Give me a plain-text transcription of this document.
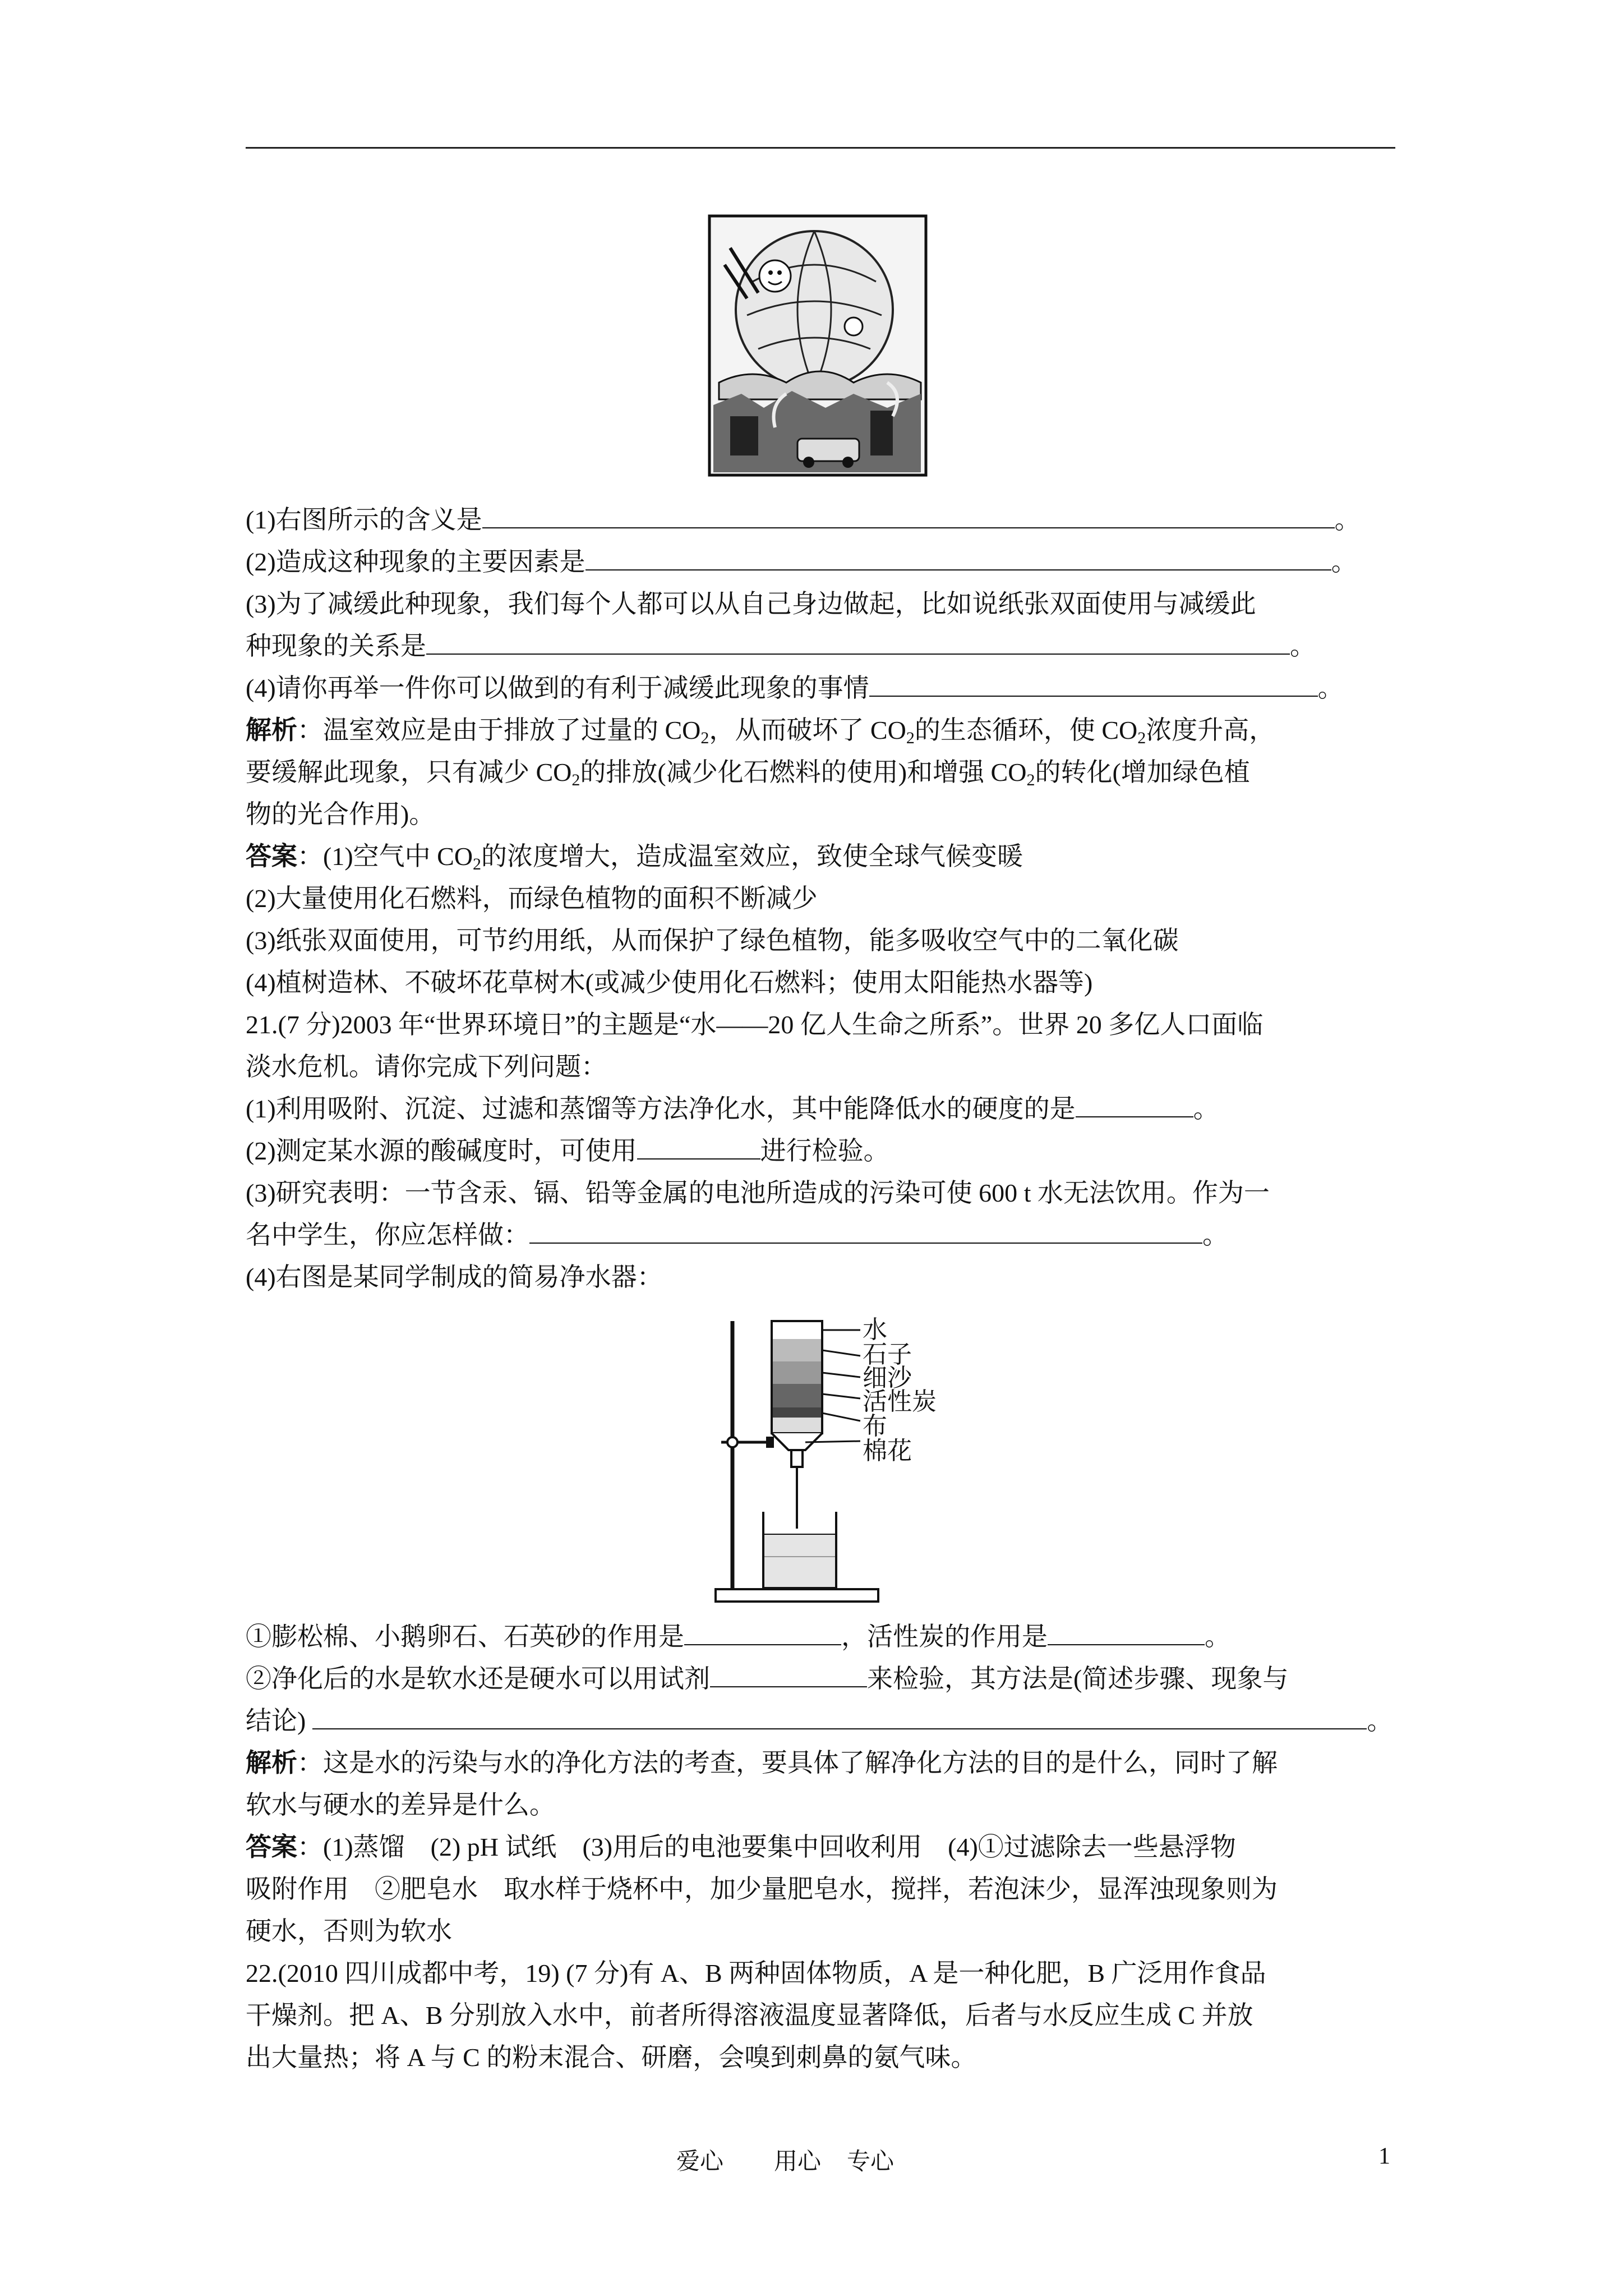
(1)右图所示的含义是	。
(2)造成这种现象的主要因素是	。
(3)为了减缓此种现象，我们每个人都可以从自己身边做起，比如说纸张双面使用与减缓此
种现象的关系是	。
(4)请你再举一件你可以做到的有利于减缓此现象的事情	。
解析：温室效应是由于排放了过量的 $CO_2$，从而破坏了 $CO_2$的生态循环，使 $CO_2$浓度升高，
要缓解此现象，只有减少 $CO_2$的排放(减少化石燃料的使用)和增强 $CO_2$的转化(增加绿色植
物的光合作用)。
答案：(1)空气中 $CO_2$的浓度增大，造成温室效应，致使全球气候变暖
(2)大量使用化石燃料，而绿色植物的面积不断减少
(3)纸张双面使用，可节约用纸，从而保护了绿色植物，能多吸收空气中的二氧化碳
(4)植树造林、不破坏花草树木(或减少使用化石燃料；使用太阳能热水器等)
21.(7 分)2003 年“世界环境日”的主题是“水——20 亿人生命之所系”。世界 20 多亿人口面临
淡水危机。请你完成下列问题：
(1)利用吸附、沉淀、过滤和蒸馏等方法净化水，其中能降低水的硬度的是	。
(2)测定某水源的酸碱度时，可使用	进行检验。
(3)研究表明：一节含汞、镉、铅等金属的电池所造成的污染可使 600 t 水无法饮用。作为一
名中学生，你应怎样做：	。
(4)右图是某同学制成的简易净水器：
水
石子
细沙
活性炭
布
棉花
①膨松棉、小鹅卵石、石英砂的作用是	，活性炭的作用是	。
②净化后的水是软水还是硬水可以用试剂	来检验，其方法是(简述步骤、现象与
结论)	。
解析：这是水的污染与水的净化方法的考查，要具体了解净化方法的目的是什么，同时了解
软水与硬水的差异是什么。
答案：(1)蒸馏　(2) pH 试纸　(3)用后的电池要集中回收利用　(4)①过滤除去一些悬浮物
吸附作用　②肥皂水　取水样于烧杯中，加少量肥皂水，搅拌，若泡沫少，显浑浊现象则为
硬水，否则为软水
22.(2010 四川成都中考，19) (7 分)有 A、B 两种固体物质，A 是一种化肥，B 广泛用作食品
干燥剂。把 A、B 分别放入水中，前者所得溶液温度显著降低，后者与水反应生成 C 并放
出大量热；将 A 与 C 的粉末混合、研磨，会嗅到刺鼻的氨气味。
爱心 用心 专心	1
